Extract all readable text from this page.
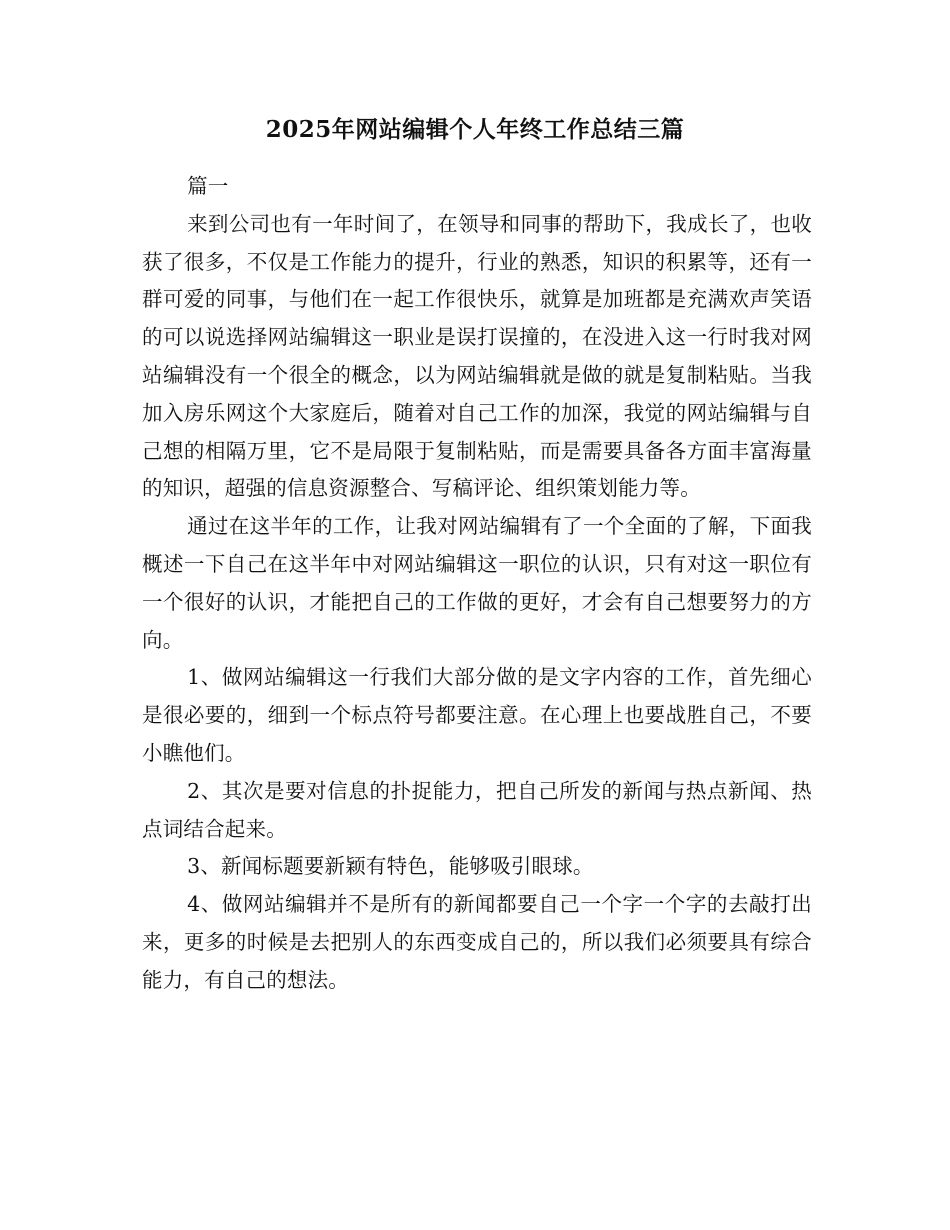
2025年网站编辑个人年终工作总结三篇

篇一

来到公司也有一年时间了，在领导和同事的帮助下，我成长了，也收获了很多，不仅是工作能力的提升，行业的熟悉，知识的积累等，还有一群可爱的同事，与他们在一起工作很快乐，就算是加班都是充满欢声笑语的可以说选择网站编辑这一职业是误打误撞的，在没进入这一行时我对网站编辑没有一个很全的概念，以为网站编辑就是做的就是复制粘贴。当我加入房乐网这个大家庭后，随着对自己工作的加深，我觉的网站编辑与自己想的相隔万里，它不是局限于复制粘贴，而是需要具备各方面丰富海量的知识，超强的信息资源整合、写稿评论、组织策划能力等。

通过在这半年的工作，让我对网站编辑有了一个全面的了解，下面我概述一下自己在这半年中对网站编辑这一职位的认识，只有对这一职位有一个很好的认识，才能把自己的工作做的更好，才会有自己想要努力的方向。

1、做网站编辑这一行我们大部分做的是文字内容的工作，首先细心是很必要的，细到一个标点符号都要注意。在心理上也要战胜自己，不要小瞧他们。

2、其次是要对信息的扑捉能力，把自己所发的新闻与热点新闻、热点词结合起来。

3、新闻标题要新颖有特色，能够吸引眼球。

4、做网站编辑并不是所有的新闻都要自己一个字一个字的去敲打出来，更多的时候是去把别人的东西变成自己的，所以我们必须要具有综合能力，有自己的想法。
